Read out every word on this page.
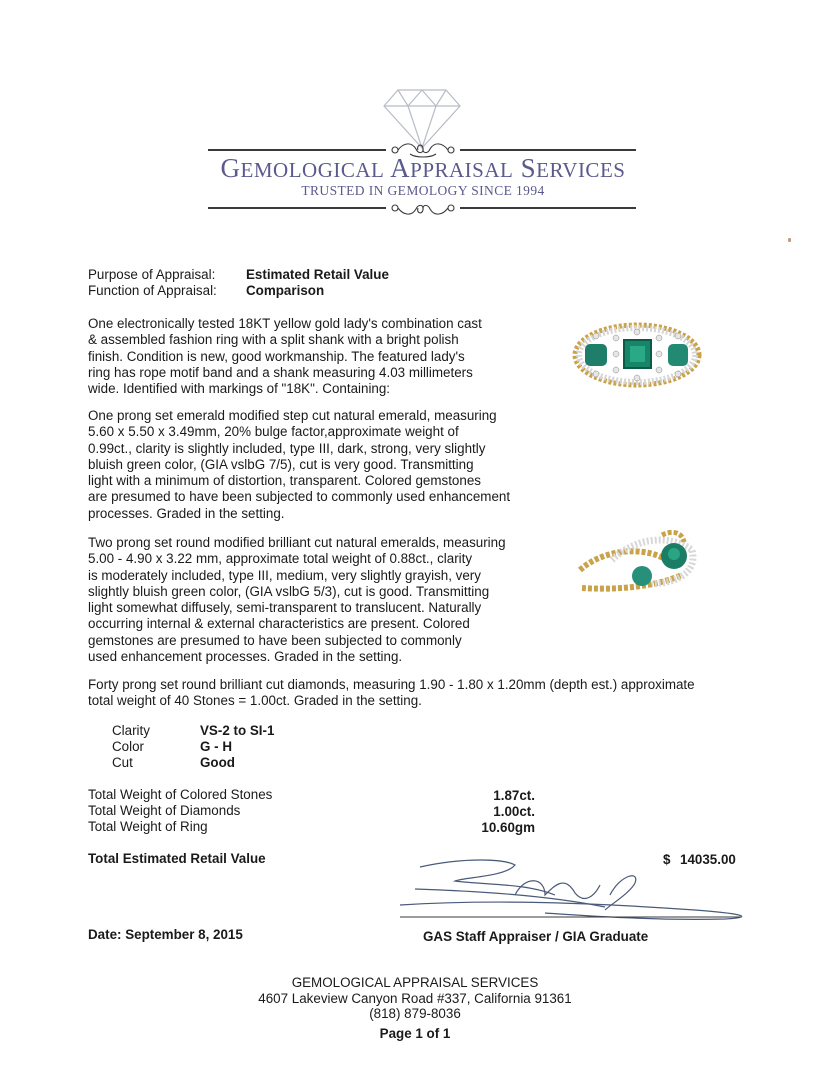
GEMOLOGICAL APPRAISAL SERVICES
TRUSTED IN GEMOLOGY SINCE 1994
Purpose of Appraisal: Estimated Retail Value
Function of Appraisal: Comparison
One electronically tested 18KT yellow gold lady's combination cast
& assembled fashion ring with a split shank with a bright polish
finish. Condition is new, good workmanship. The featured lady's
ring has rope motif band and a shank measuring 4.03 millimeters
wide. Identified with markings of "18K". Containing:
One prong set emerald modified step cut natural emerald, measuring
5.60 x 5.50 x 3.49mm, 20% bulge factor,approximate weight of
0.99ct., clarity is slightly included, type III, dark, strong, very slightly
bluish green color, (GIA vslbG 7/5), cut is very good. Transmitting
light with a minimum of distortion, transparent. Colored gemstones
are presumed to have been subjected to commonly used enhancement
processes. Graded in the setting.
Two prong set round modified brilliant cut natural emeralds, measuring
5.00 - 4.90 x 3.22 mm, approximate total weight of 0.88ct., clarity
is moderately included, type III, medium, very slightly grayish, very
slightly bluish green color, (GIA vslbG 5/3), cut is good. Transmitting
light somewhat diffusely, semi-transparent to translucent. Naturally
occurring internal & external characteristics are present. Colored
gemstones are presumed to have been subjected to commonly
used enhancement processes. Graded in the setting.
Forty prong set round brilliant cut diamonds, measuring 1.90 - 1.80 x 1.20mm (depth est.) approximate
total weight of 40 Stones = 1.00ct. Graded in the setting.
Clarity	VS-2 to SI-1
Color	G - H
Cut	Good
Total Weight of Colored Stones	1.87ct.
Total Weight of Diamonds	1.00ct.
Total Weight of Ring	10.60gm
Total Estimated Retail Value	$ 14035.00
Date: September 8, 2015	GAS Staff Appraiser / GIA Graduate
GEMOLOGICAL APPRAISAL SERVICES
4607 Lakeview Canyon Road #337, California 91361
(818) 879-8036
Page 1 of 1
